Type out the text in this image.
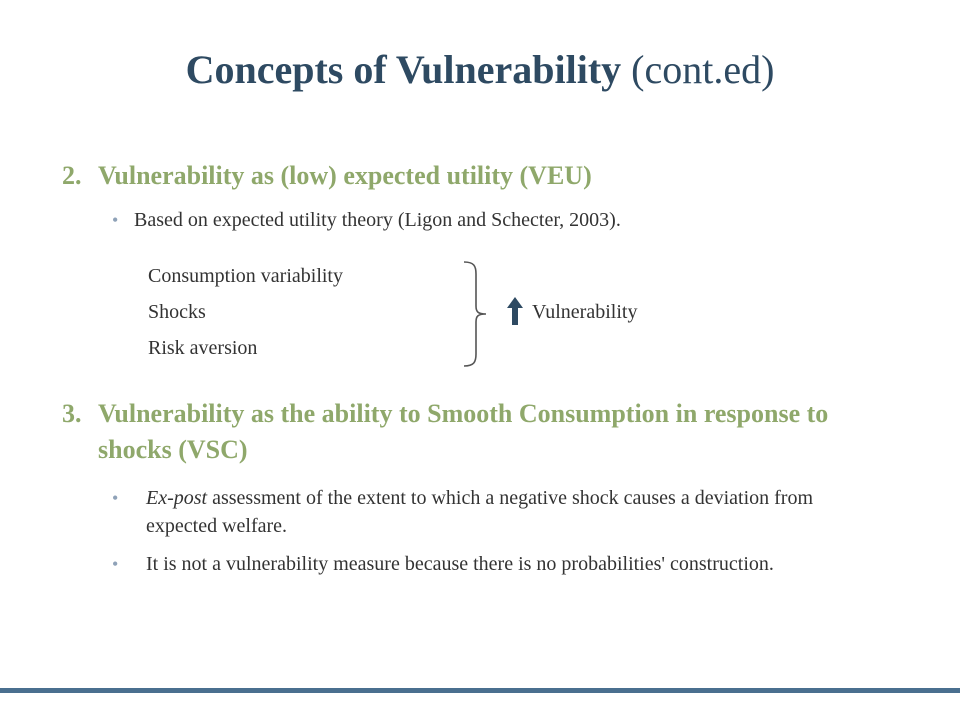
Concepts of Vulnerability (cont.ed)
2. Vulnerability as (low) expected utility (VEU)
• Based on expected utility theory (Ligon and Schecter, 2003).
Consumption variability
Shocks
Risk aversion
Vulnerability
3. Vulnerability as the ability to Smooth Consumption in response to shocks (VSC)
• Ex-post assessment of the extent to which a negative shock causes a deviation from expected welfare.
• It is not a vulnerability measure because there is no probabilities' construction.
